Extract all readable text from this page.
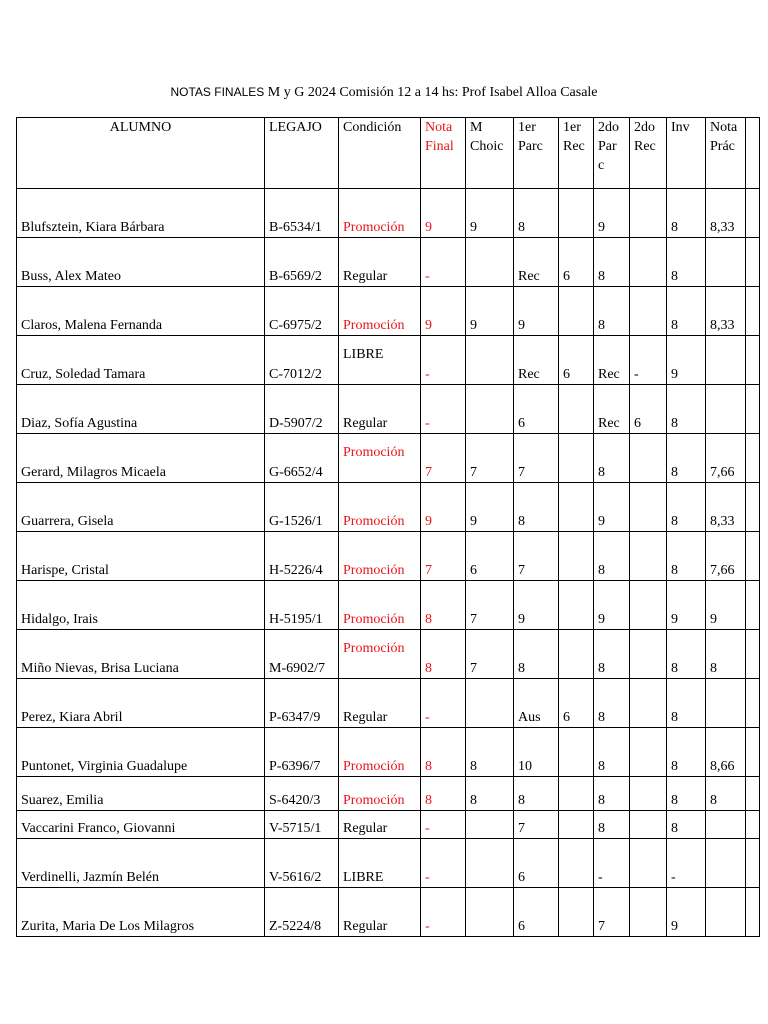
NOTAS FINALES M y G 2024 Comisión 12 a 14 hs: Prof Isabel Alloa Casale
ALUMNO	LEGAJO	Condición	Nota Final	M Choic	1er Parc	1er Rec	2do Par c	2do Rec	Inv	Nota Prác	
Blufsztein, Kiara Bárbara	B-6534/1	Promoción	9	9	8		9		8	8,33	
Buss, Alex Mateo	B-6569/2	Regular	-		Rec	6	8		8		
Claros, Malena Fernanda	C-6975/2	Promoción	9	9	9		8		8	8,33	
Cruz, Soledad Tamara	C-7012/2	LIBRE	-		Rec	6	Rec	-	9		
Diaz, Sofía Agustina	D-5907/2	Regular	-		6		Rec	6	8		
Gerard, Milagros Micaela	G-6652/4	Promoción	7	7	7		8		8	7,66	
Guarrera, Gisela	G-1526/1	Promoción	9	9	8		9		8	8,33	
Harispe, Cristal	H-5226/4	Promoción	7	6	7		8		8	7,66	
Hidalgo, Irais	H-5195/1	Promoción	8	7	9		9		9	9	
Miño Nievas, Brisa Luciana	M-6902/7	Promoción	8	7	8		8		8	8	
Perez, Kiara Abril	P-6347/9	Regular	-		Aus	6	8		8		
Puntonet, Virginia Guadalupe	P-6396/7	Promoción	8	8	10		8		8	8,66	
Suarez, Emilia	S-6420/3	Promoción	8	8	8		8		8	8	
Vaccarini Franco, Giovanni	V-5715/1	Regular	-		7		8		8		
Verdinelli, Jazmín Belén	V-5616/2	LIBRE	-		6		-		-		
Zurita, Maria De Los Milagros	Z-5224/8	Regular	-		6		7		9		
